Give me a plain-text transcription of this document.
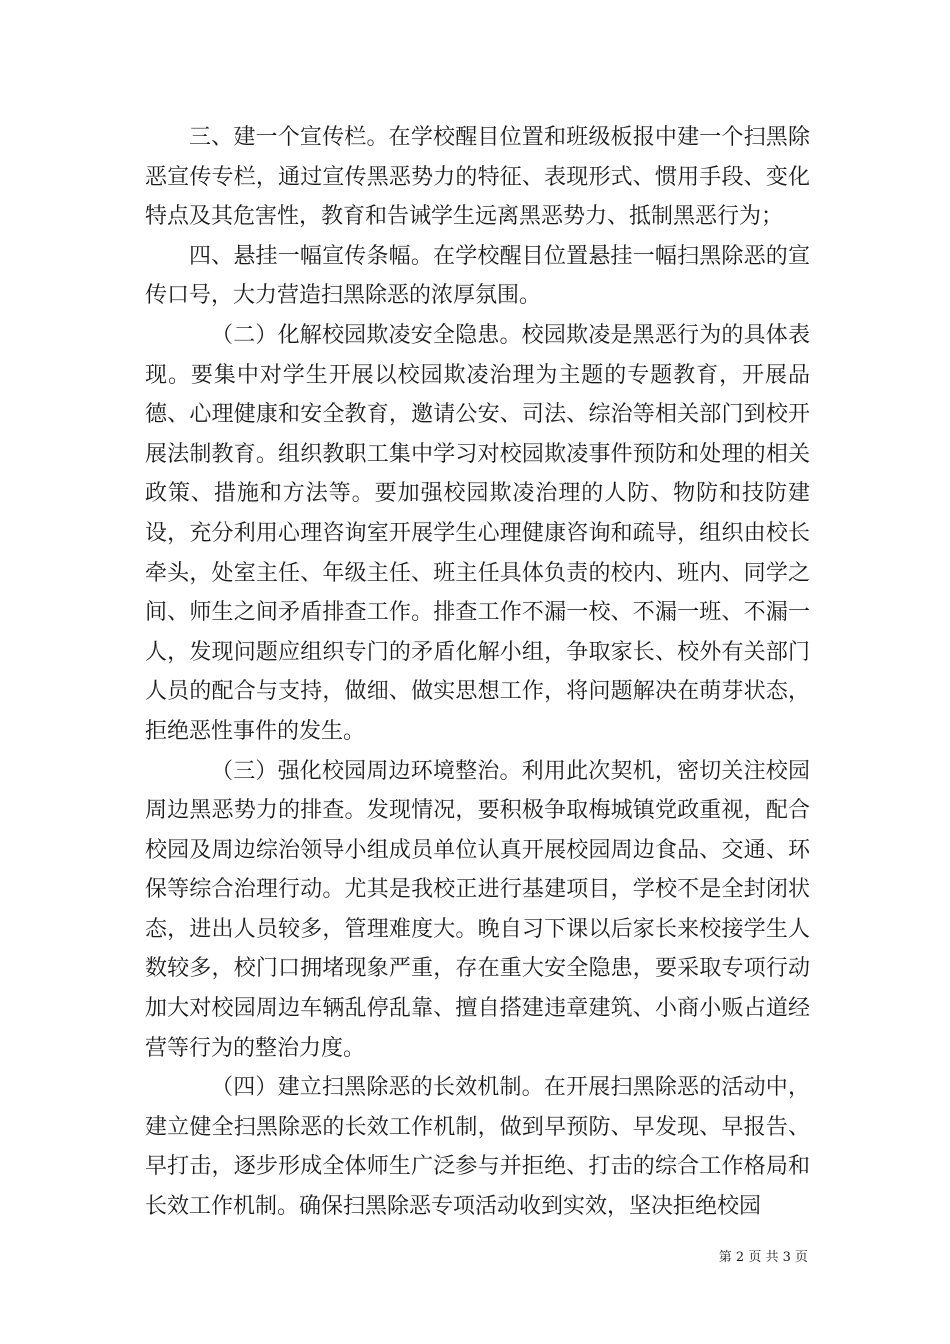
三、建一个宣传栏。在学校醒目位置和班级板报中建一个扫黑除恶宣传专栏，通过宣传黑恶势力的特征、表现形式、惯用手段、变化特点及其危害性，教育和告诫学生远离黑恶势力、抵制黑恶行为；

四、悬挂一幅宣传条幅。在学校醒目位置悬挂一幅扫黑除恶的宣传口号，大力营造扫黑除恶的浓厚氛围。

（二）化解校园欺凌安全隐患。校园欺凌是黑恶行为的具体表现。要集中对学生开展以校园欺凌治理为主题的专题教育，开展品德、心理健康和安全教育，邀请公安、司法、综治等相关部门到校开展法制教育。组织教职工集中学习对校园欺凌事件预防和处理的相关政策、措施和方法等。要加强校园欺凌治理的人防、物防和技防建设，充分利用心理咨询室开展学生心理健康咨询和疏导，组织由校长牵头，处室主任、年级主任、班主任具体负责的校内、班内、同学之间、师生之间矛盾排查工作。排查工作不漏一校、不漏一班、不漏一人，发现问题应组织专门的矛盾化解小组，争取家长、校外有关部门人员的配合与支持，做细、做实思想工作，将问题解决在萌芽状态，拒绝恶性事件的发生。

（三）强化校园周边环境整治。利用此次契机，密切关注校园周边黑恶势力的排查。发现情况，要积极争取梅城镇党政重视，配合校园及周边综治领导小组成员单位认真开展校园周边食品、交通、环保等综合治理行动。尤其是我校正进行基建项目，学校不是全封闭状态，进出人员较多，管理难度大。晚自习下课以后家长来校接学生人数较多，校门口拥堵现象严重，存在重大安全隐患，要采取专项行动加大对校园周边车辆乱停乱靠、擅自搭建违章建筑、小商小贩占道经营等行为的整治力度。

（四）建立扫黑除恶的长效机制。在开展扫黑除恶的活动中，建立健全扫黑除恶的长效工作机制，做到早预防、早发现、早报告、早打击，逐步形成全体师生广泛参与并拒绝、打击的综合工作格局和长效工作机制。确保扫黑除恶专项活动收到实效，坚决拒绝校园

第 2 页 共 3 页
